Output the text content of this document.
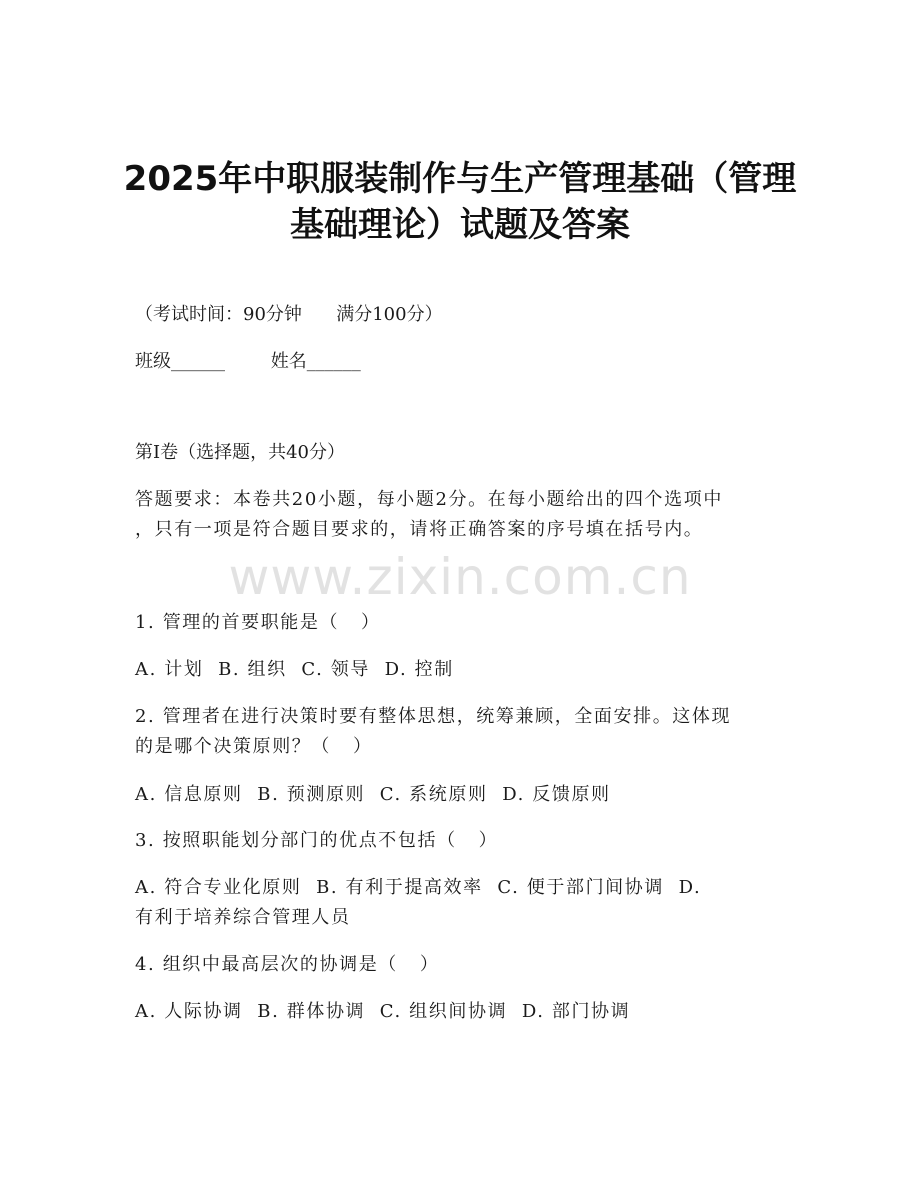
2025年中职服装制作与生产管理基础（管理
基础理论）试题及答案
（考试时间：90分钟      满分100分）
班级______        姓名______
第I卷（选择题，共40分）
答题要求：本卷共20小题，每小题2分。在每小题给出的四个选项中
，只有一项是符合题目要求的，请将正确答案的序号填在括号内。
www.zixin.com.cn
1. 管理的首要职能是（   ）
A. 计划  B. 组织  C. 领导  D. 控制
2. 管理者在进行决策时要有整体思想，统筹兼顾，全面安排。这体现
的是哪个决策原则？（   ）
A. 信息原则  B. 预测原则  C. 系统原则  D. 反馈原则
3. 按照职能划分部门的优点不包括（   ）
A. 符合专业化原则  B. 有利于提高效率  C. 便于部门间协调  D.
有利于培养综合管理人员
4. 组织中最高层次的协调是（   ）
A. 人际协调  B. 群体协调  C. 组织间协调  D. 部门协调
